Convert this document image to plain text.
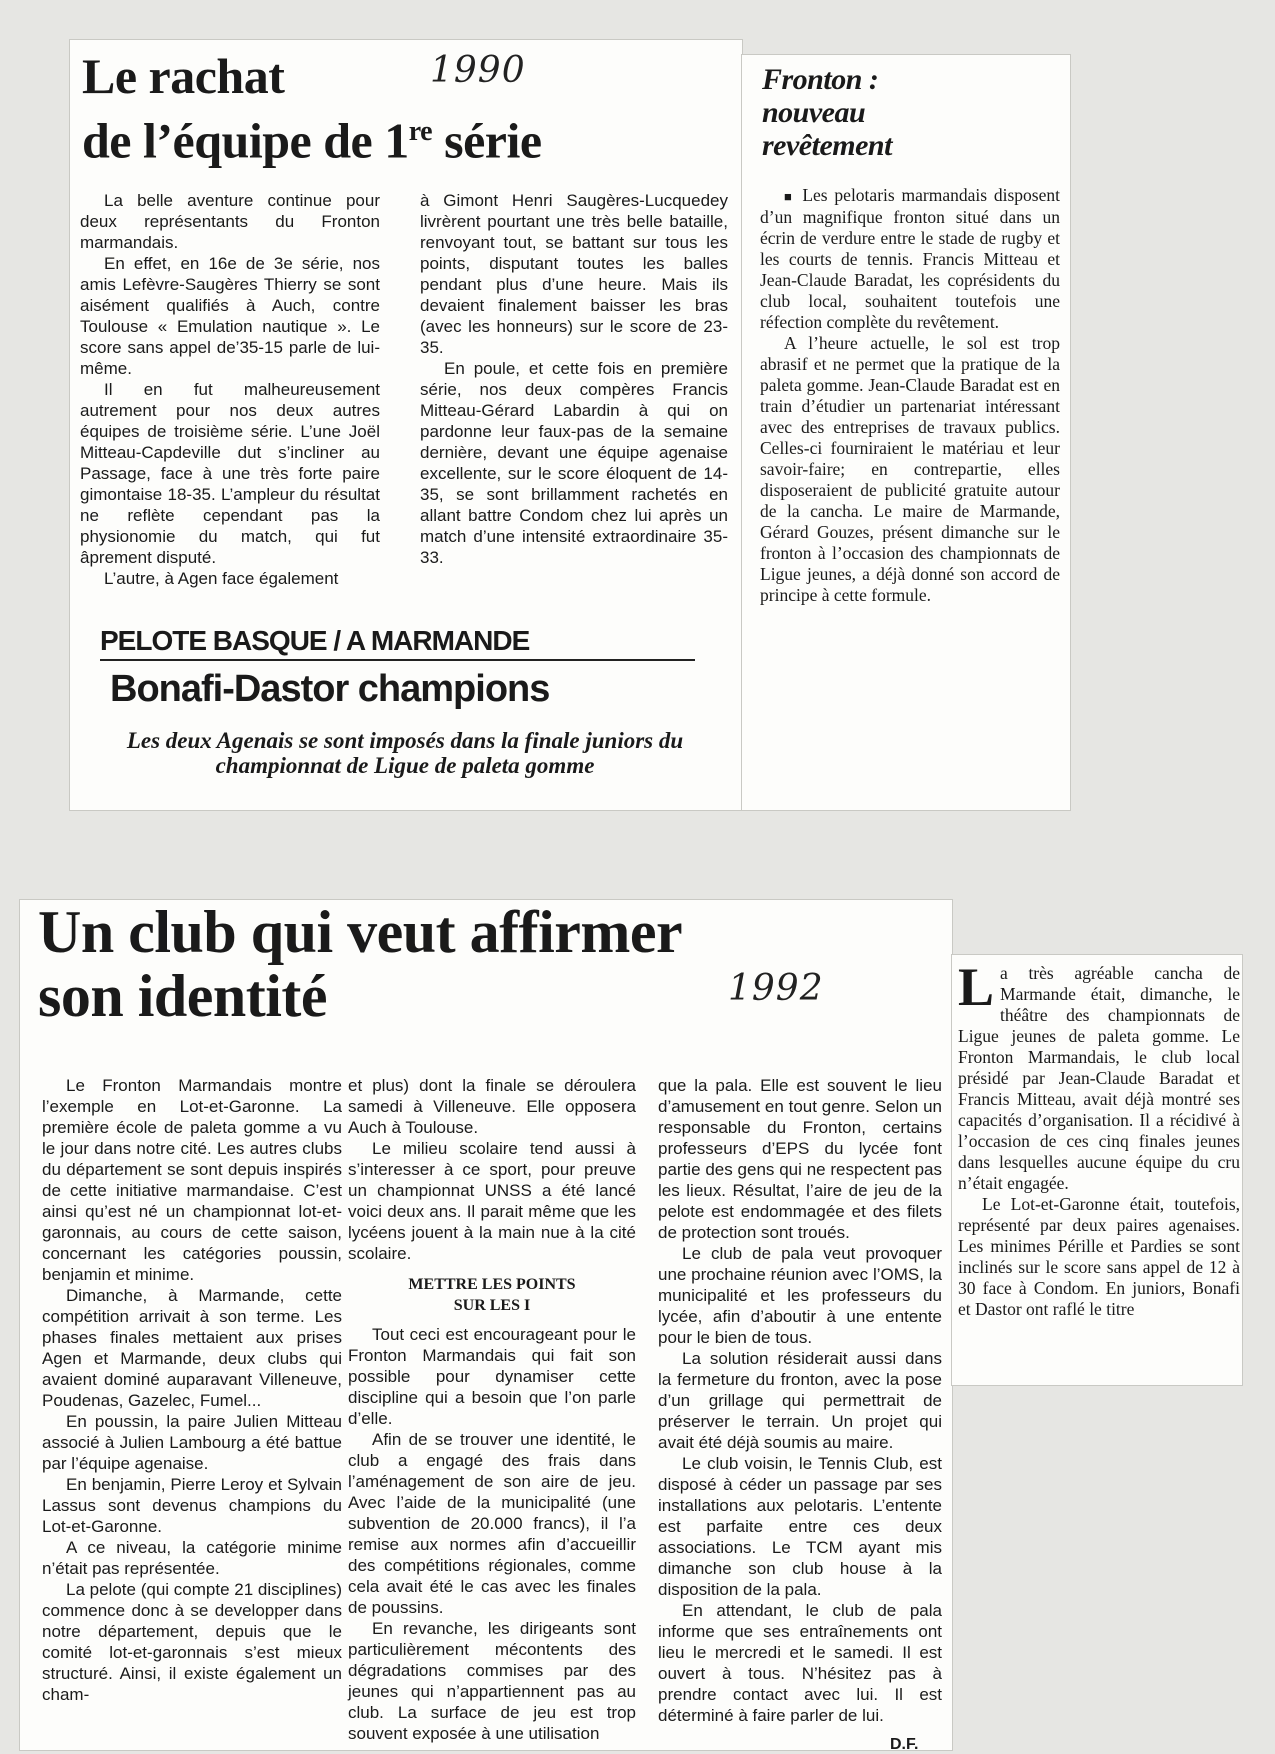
Le rachat
de l’équipe de 1re série

La belle aventure continue pour deux représentants du Fronton marmandais.

En effet, en 16e de 3e série, nos amis Lefèvre-Saugères Thierry se sont aisément qualifiés à Auch, contre Toulouse « Emulation nautique ». Le score sans appel de’35-15 parle de lui-même.

Il en fut malheureusement autrement pour nos deux autres équipes de troisième série. L’une Joël Mitteau-Capdeville dut s’incliner au Passage, face à une très forte paire gimontaise 18-35. L’ampleur du résultat ne reflète cependant pas la physionomie du match, qui fut âprement disputé.

L’autre, à Agen face également

à Gimont Henri Saugères-Lucquedey livrèrent pourtant une très belle bataille, renvoyant tout, se battant sur tous les points, disputant toutes les balles pendant plus d’une heure. Mais ils devaient finalement baisser les bras (avec les honneurs) sur le score de 23-35.

En poule, et cette fois en première série, nos deux compères Francis Mitteau-Gérard Labardin à qui on pardonne leur faux-pas de la semaine dernière, devant une équipe agenaise excellente, sur le score éloquent de 14-35, se sont brillamment rachetés en allant battre Condom chez lui après un match d’une intensité extraordinaire 35-33.

PELOTE BASQUE / A MARMANDE
Bonafi-Dastor champions
Les deux Agenais se sont imposés dans la finale juniors du championnat de Ligue de paleta gomme
1990	Fronton :
nouveau
revêtement

■ Les pelotaris marmandais disposent d’un magnifique fronton situé dans un écrin de verdure entre le stade de rugby et les courts de tennis. Francis Mitteau et Jean-Claude Baradat, les coprésidents du club local, souhaitent toutefois une réfection complète du revêtement.

A l’heure actuelle, le sol est trop abrasif et ne permet que la pratique de la paleta gomme. Jean-Claude Baradat est en train d’étudier un partenariat intéressant avec des entreprises de travaux publics. Celles-ci fourniraient le matériau et leur savoir-faire; en contrepartie, elles disposeraient de publicité gratuite autour de la cancha. Le maire de Marmande, Gérard Gouzes, présent dimanche sur le fronton à l’occasion des championnats de Ligue jeunes, a déjà donné son accord de principe à cette formule.

Un club qui veut affirmer
son identité

Le Fronton Marmandais montre l’exemple en Lot-et-Garonne. La première école de paleta gomme a vu le jour dans notre cité. Les autres clubs du département se sont depuis inspirés de cette initiative marmandaise. C’est ainsi qu’est né un championnat lot-et-garonnais, au cours de cette saison, concernant les catégories poussin, benjamin et minime.

Dimanche, à Marmande, cette compétition arrivait à son terme. Les phases finales mettaient aux prises Agen et Marmande, deux clubs qui avaient dominé auparavant Villeneuve, Poudenas, Gazelec, Fumel...

En poussin, la paire Julien Mitteau associé à Julien Lambourg a été battue par l’équipe agenaise.

En benjamin, Pierre Leroy et Sylvain Lassus sont devenus champions du Lot-et-Garonne.

A ce niveau, la catégorie minime n’était pas représentée.

La pelote (qui compte 21 disciplines) commence donc à se developper dans notre département, depuis que le comité lot-et-garonnais s’est mieux structuré. Ainsi, il existe également un cham-

et plus) dont la finale se déroulera samedi à Villeneuve. Elle opposera Auch à Toulouse.

Le milieu scolaire tend aussi à s’interesser à ce sport, pour preuve un championnat UNSS a été lancé voici deux ans. Il parait même que les lycéens jouent à la main nue à la cité scolaire.

METTRE LES POINTS
SUR LES I

Tout ceci est encourageant pour le Fronton Marmandais qui fait son possible pour dynamiser cette discipline qui a besoin que l’on parle d’elle.

Afin de se trouver une identité, le club a engagé des frais dans l’aménagement de son aire de jeu. Avec l’aide de la municipalité (une subvention de 20.000 francs), il l’a remise aux normes afin d’accueillir des compétitions régionales, comme cela avait été le cas avec les finales de poussins.

En revanche, les dirigeants sont particulièrement mécontents des dégradations commises par des jeunes qui n’appartiennent pas au club. La surface de jeu est trop souvent exposée à une utilisation

que la pala. Elle est souvent le lieu d’amusement en tout genre. Selon un responsable du Fronton, certains professeurs d’EPS du lycée font partie des gens qui ne respectent pas les lieux. Résultat, l’aire de jeu de la pelote est endommagée et des filets de protection sont troués.

Le club de pala veut provoquer une prochaine réunion avec l’OMS, la municipalité et les professeurs du lycée, afin d’aboutir à une entente pour le bien de tous.

La solution résiderait aussi dans la fermeture du fronton, avec la pose d’un grillage qui permettrait de préserver le terrain. Un projet qui avait été déjà soumis au maire.

Le club voisin, le Tennis Club, est disposé à céder un passage par ses installations aux pelotaris. L’entente est parfaite entre ces deux associations. Le TCM ayant mis dimanche son club house à la disposition de la pala.

En attendant, le club de pala informe que ses entraînements ont lieu le mercredi et le samedi. Il est ouvert à tous. N’hésitez pas à prendre contact avec lui. Il est déterminé à faire parler de lui.

D.F.
1992 La très agréable cancha de Marmande était, dimanche, le théâtre des championnats de Ligue jeunes de paleta gomme. Le Fronton Marmandais, le club local présidé par Jean-Claude Baradat et Francis Mitteau, avait déjà montré ses capacités d’organisation. Il a récidivé à l’occasion de ces cinq finales jeunes dans lesquelles aucune équipe du cru n’était engagée.

Le Lot-et-Garonne était, toutefois, représenté par deux paires agenaises. Les minimes Pérille et Pardies se sont inclinés sur le score sans appel de 12 à 30 face à Condom. En juniors, Bonafi et Dastor ont raflé le titre
